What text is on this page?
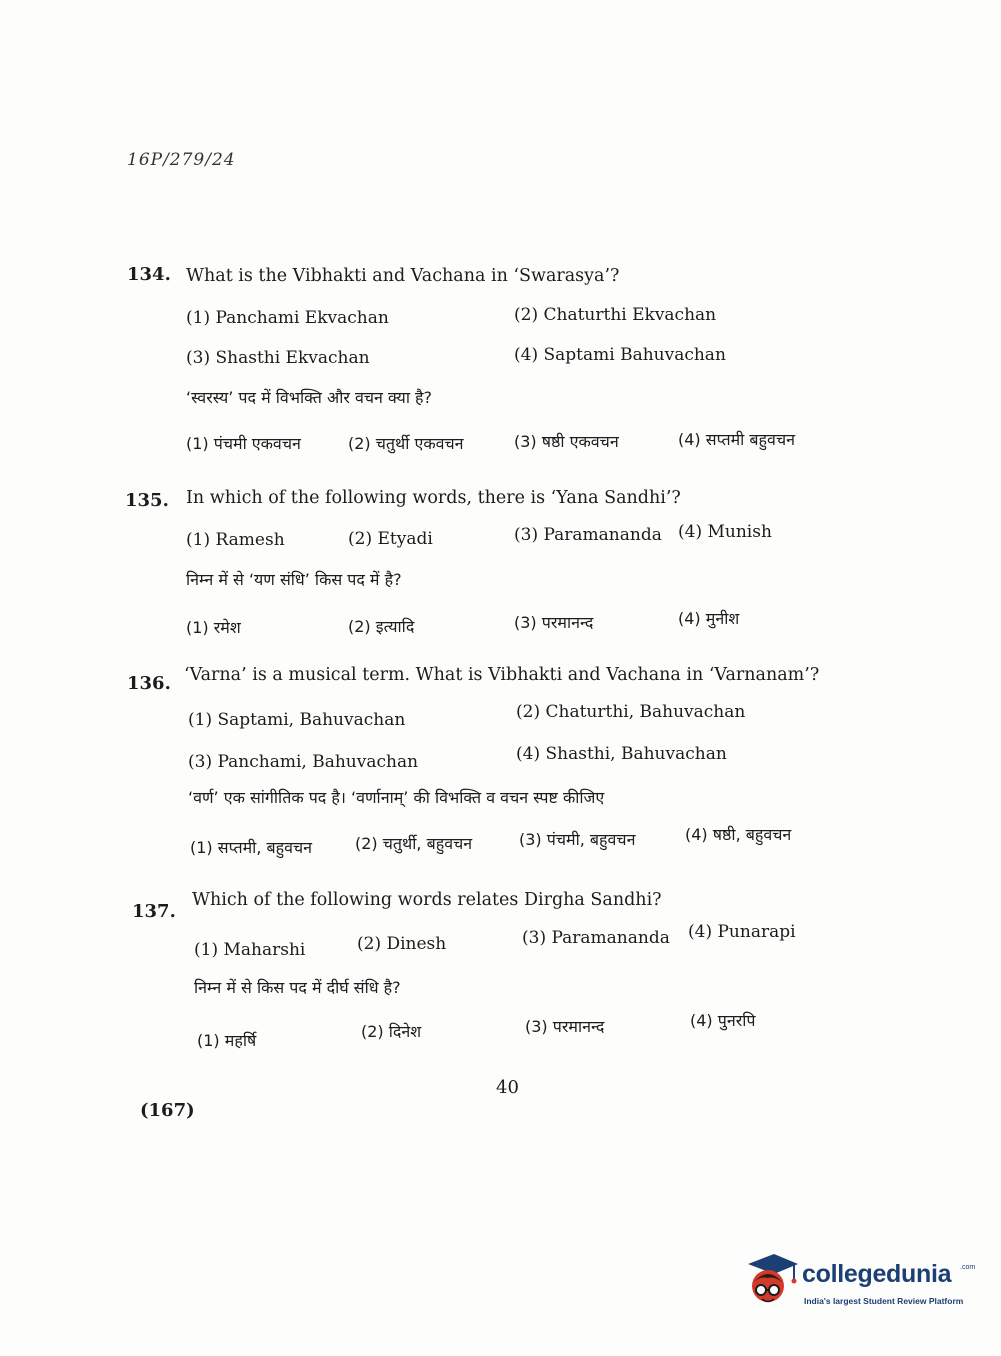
16P/279/24
134. What is the Vibhakti and Vachana in ‘Swarasya’?
(1) Panchami Ekvachan	(2) Chaturthi Ekvachan
(3) Shasthi Ekvachan	(4) Saptami Bahuvachan
‘स्वरस्य’ पद में विभक्ति और वचन क्या है?
(1) पंचमी एकवचन	(2) चतुर्थी एकवचन	(3) षष्ठी एकवचन	(4) सप्तमी बहुवचन
135. In which of the following words, there is ‘Yana Sandhi’?
(1) Ramesh	(2) Etyadi	(3) Paramananda (4) Munish
निम्न में से ‘यण संधि’ किस पद में है?
(1) रमेश	(2) इत्यादि	(3) परमानन्द	(4) मुनीश
136. ‘Varna’ is a musical term. What is Vibhakti and Vachana in ‘Varnanam’?
(1) Saptami, Bahuvachan	(2) Chaturthi, Bahuvachan
(3) Panchami, Bahuvachan	(4) Shasthi, Bahuvachan
‘वर्ण’ एक सांगीतिक पद है। ‘वर्णानाम्’ की विभक्ति व वचन स्पष्ट कीजिए
(1) सप्तमी, बहुवचन	(2) चतुर्थी, बहुवचन	(3) पंचमी, बहुवचन	(4) षष्ठी, बहुवचन
137.
Which of the following words relates Dirgha Sandhi?
(1) Maharshi	(2) Dinesh	(3) Paramananda (4) Punarapi
निम्न में से किस पद में दीर्घ संधि है?
(1) महर्षि	(2) दिनेश	(3) परमानन्द	(4) पुनरपि
40
(167)
collegedunia .com
India's largest Student Review Platform
